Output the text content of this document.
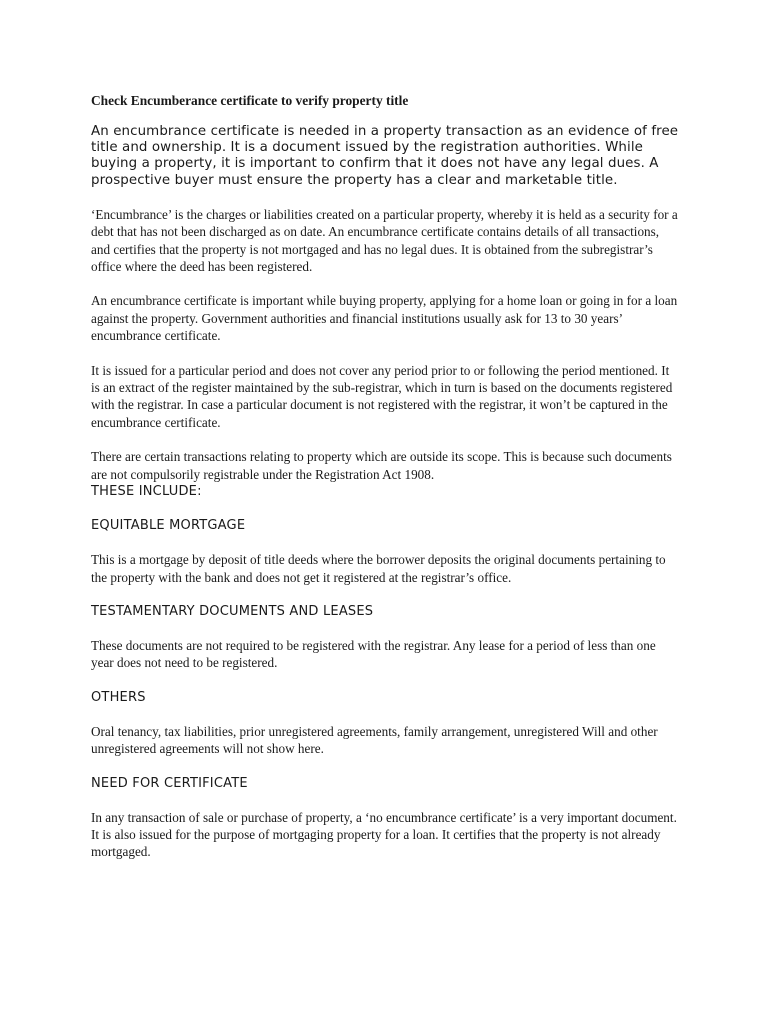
Check Encumberance certificate to verify property title

An encumbrance certificate is needed in a property transaction as an evidence of free title and ownership. It is a document issued by the registration authorities. While buying a property, it is important to confirm that it does not have any legal dues. A prospective buyer must ensure the property has a clear and marketable title.

‘Encumbrance’ is the charges or liabilities created on a particular property, whereby it is held as a security for a debt that has not been discharged as on date. An encumbrance certificate contains details of all transactions, and certifies that the property is not mortgaged and has no legal dues. It is obtained from the subregistrar’s office where the deed has been registered.

An encumbrance certificate is important while buying property, applying for a home loan or going in for a loan against the property. Government authorities and financial institutions usually ask for 13 to 30 years’ encumbrance certificate.

It is issued for a particular period and does not cover any period prior to or following the period mentioned. It is an extract of the register maintained by the sub-registrar, which in turn is based on the documents registered with the registrar. In case a particular document is not registered with the registrar, it won’t be captured in the encumbrance certificate.

There are certain transactions relating to property which are outside its scope. This is because such documents are not compulsorily registrable under the Registration Act 1908.

THESE INCLUDE:

EQUITABLE MORTGAGE

This is a mortgage by deposit of title deeds where the borrower deposits the original documents pertaining to the property with the bank and does not get it registered at the registrar’s office.

TESTAMENTARY DOCUMENTS AND LEASES

These documents are not required to be registered with the registrar. Any lease for a period of less than one year does not need to be registered.

OTHERS

Oral tenancy, tax liabilities, prior unregistered agreements, family arrangement, unregistered Will and other unregistered agreements will not show here.

NEED FOR CERTIFICATE

In any transaction of sale or purchase of property, a ‘no encumbrance certificate’ is a very important document. It is also issued for the purpose of mortgaging property for a loan. It certifies that the property is not already mortgaged.
